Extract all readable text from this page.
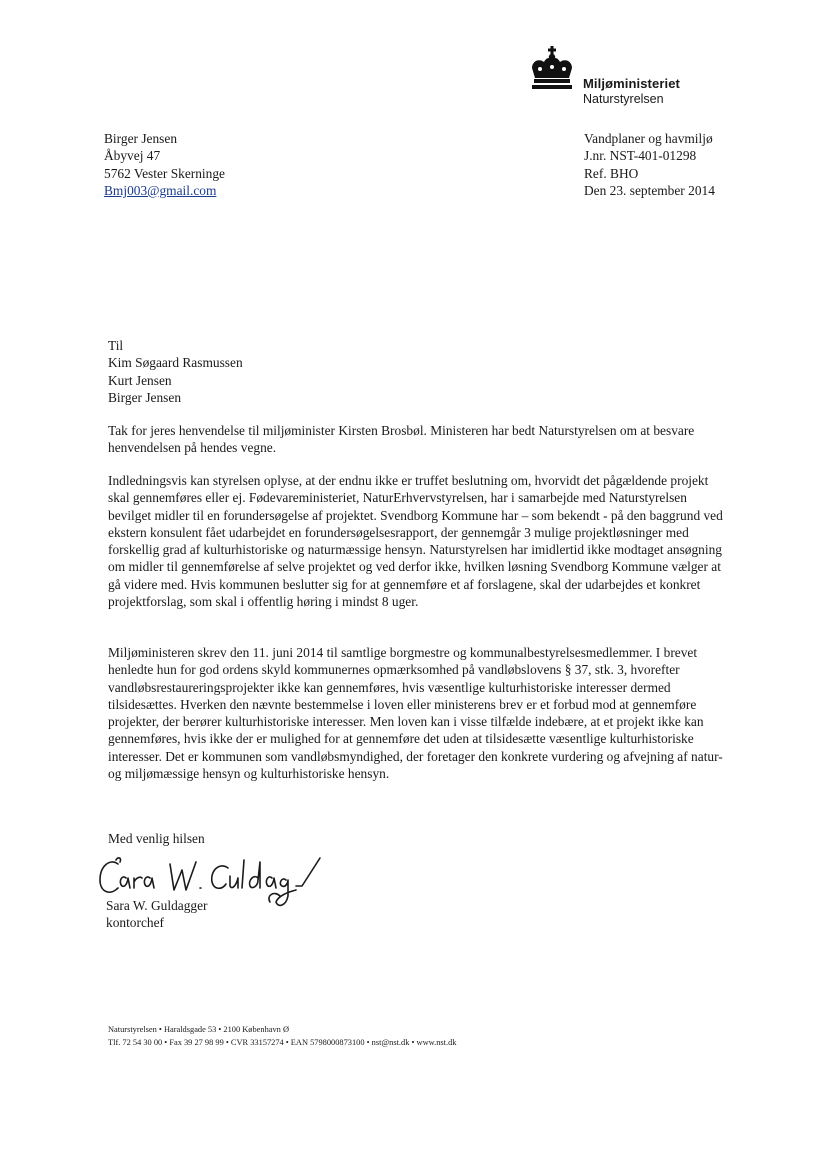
Miljøministeriet
Naturstyrelsen
Birger Jensen
Åbyvej 47
5762 Vester Skerninge
Bmj003@gmail.com
Vandplaner og havmiljø
J.nr. NST-401-01298
Ref. BHO
Den 23. september 2014
Til
Kim Søgaard Rasmussen
Kurt Jensen
Birger Jensen

Tak for jeres henvendelse til miljøminister Kirsten Brosbøl. Ministeren har bedt Naturstyrelsen om at besvare henvendelsen på hendes vegne.

Indledningsvis kan styrelsen oplyse, at der endnu ikke er truffet beslutning om, hvorvidt det pågældende projekt skal gennemføres eller ej. Fødevareministeriet, NaturErhvervstyrelsen, har i samarbejde med Naturstyrelsen bevilget midler til en forundersøgelse af projektet. Svendborg Kommune har – som bekendt - på den baggrund ved ekstern konsulent fået udarbejdet en forundersøgelsesrapport, der gennemgår 3 mulige projektløsninger med forskellig grad af kulturhistoriske og naturmæssige hensyn. Naturstyrelsen har imidlertid ikke modtaget ansøgning om midler til gennemførelse af selve projektet og ved derfor ikke, hvilken løsning Svendborg Kommune vælger at gå videre med. Hvis kommunen beslutter sig for at gennemføre et af forslagene, skal der udarbejdes et konkret projektforslag, som skal i offentlig høring i mindst 8 uger.

Miljøministeren skrev den 11. juni 2014 til samtlige borgmestre og kommunalbestyrelsesmedlemmer. I brevet henledte hun for god ordens skyld kommunernes opmærksomhed på vandløbslovens § 37, stk. 3, hvorefter vandløbsrestaureringsprojekter ikke kan gennemføres, hvis væsentlige kulturhistoriske interesser dermed tilsidesættes. Hverken den nævnte bestemmelse i loven eller ministerens brev er et forbud mod at gennemføre projekter, der berører kulturhistoriske interesser. Men loven kan i visse tilfælde indebære, at et projekt ikke kan gennemføres, hvis ikke der er mulighed for at gennemføre det uden at tilsidesætte væsentlige kulturhistoriske interesser. Det er kommunen som vandløbsmyndighed, der foretager den konkrete vurdering og afvejning af natur- og miljømæssige hensyn og kulturhistoriske hensyn.

Med venlig hilsen
Sara W. Guldagger
kontorchef
Naturstyrelsen • Haraldsgade 53 • 2100 København Ø
Tlf. 72 54 30 00 • Fax 39 27 98 99 • CVR 33157274 • EAN 5798000873100 • nst@nst.dk • www.nst.dk
